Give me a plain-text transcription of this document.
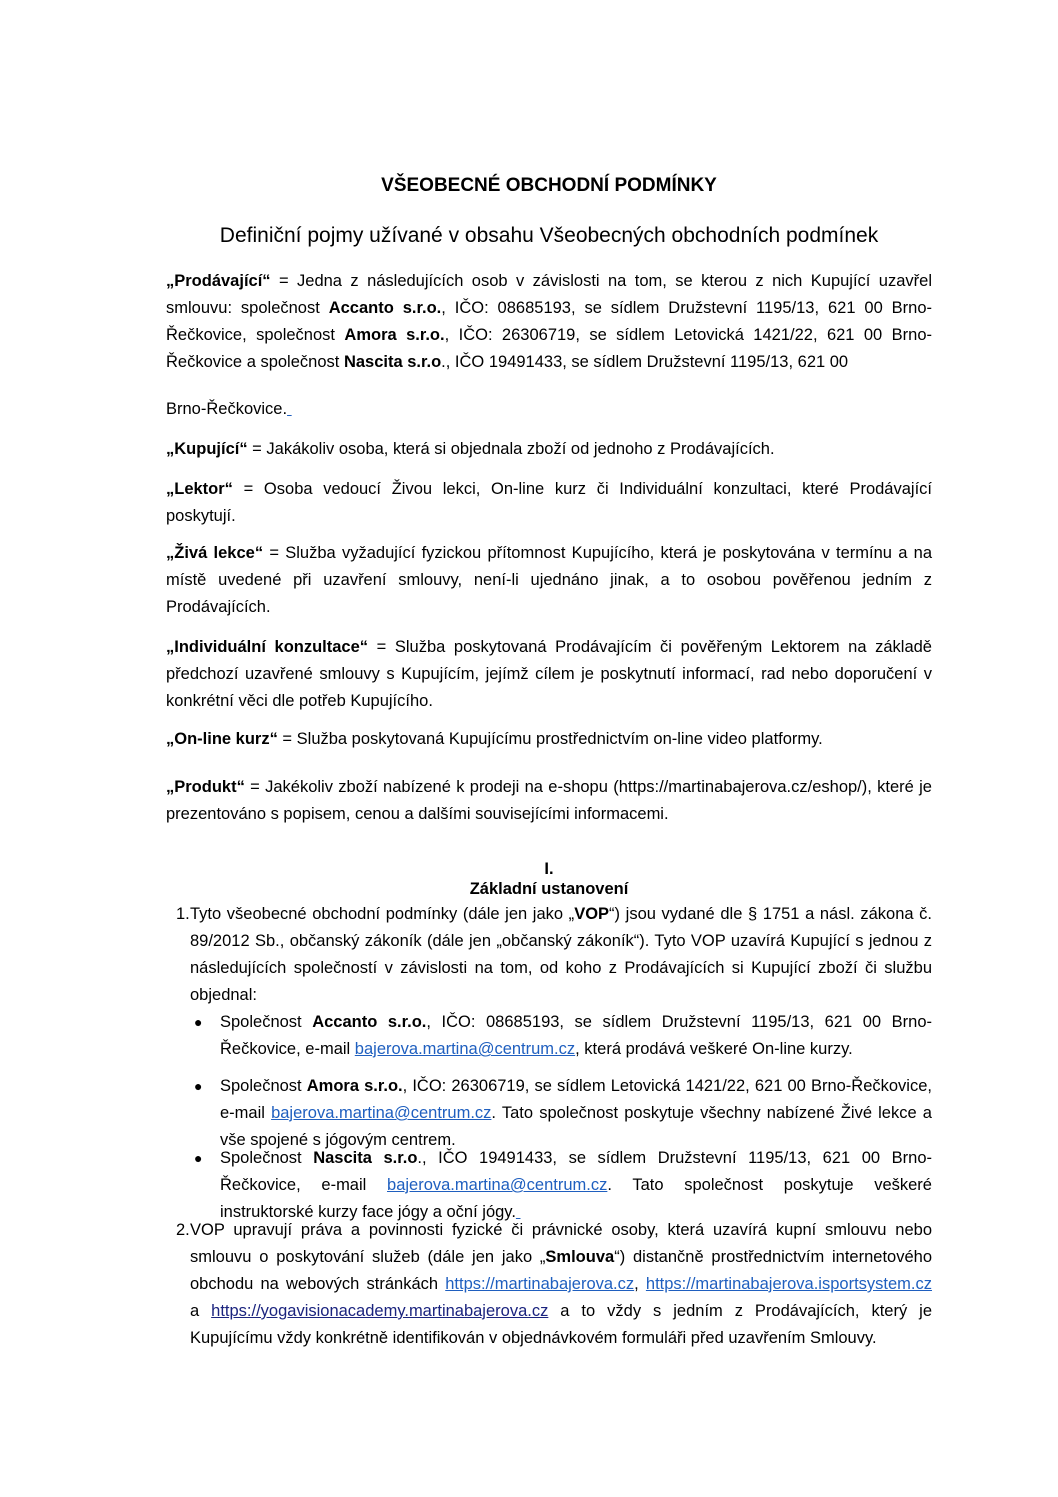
VŠEOBECNÉ OBCHODNÍ PODMÍNKY
Definiční pojmy užívané v obsahu Všeobecných obchodních podmínek
„Prodávající“ = Jedna z následujících osob v závislosti na tom, se kterou z nich Kupující uzavřel smlouvu: společnost Accanto s.r.o., IČO: 08685193, se sídlem Družstevní 1195/13, 621 00 Brno-Řečkovice, společnost Amora s.r.o., IČO: 26306719, se sídlem Letovická 1421/22, 621 00 Brno-Řečkovice a společnost Nascita s.r.o., IČO 19491433, se sídlem Družstevní 1195/13, 621 00
Brno-Řečkovice.
„Kupující“ = Jakákoliv osoba, která si objednala zboží od jednoho z Prodávajících.
„Lektor“ = Osoba vedoucí Živou lekci, On-line kurz či Individuální konzultaci, které Prodávající poskytují.
„Živá lekce“ = Služba vyžadující fyzickou přítomnost Kupujícího, která je poskytována v termínu a na místě uvedené při uzavření smlouvy, není-li ujednáno jinak, a to osobou pověřenou jedním z Prodávajících.
„Individuální konzultace“ = Služba poskytovaná Prodávajícím či pověřeným Lektorem na základě předchozí uzavřené smlouvy s Kupujícím, jejímž cílem je poskytnutí informací, rad nebo doporučení v konkrétní věci dle potřeb Kupujícího.
„On-line kurz“ = Služba poskytovaná Kupujícímu prostřednictvím on-line video platformy.
„Produkt“ = Jakékoliv zboží nabízené k prodeji na e-shopu (https://martinabajerova.cz/eshop/), které je prezentováno s popisem, cenou a dalšími souvisejícími informacemi.
I.
Základní ustanovení
1. Tyto všeobecné obchodní podmínky (dále jen jako „VOP“) jsou vydané dle § 1751 a násl. zákona č. 89/2012 Sb., občanský zákoník (dále jen „občanský zákoník“). Tyto VOP uzavírá Kupující s jednou z následujících společností v závislosti na tom, od koho z Prodávajících si Kupující zboží či službu objednal:
● Společnost Accanto s.r.o., IČO: 08685193, se sídlem Družstevní 1195/13, 621 00 Brno-Řečkovice, e-mail bajerova.martina@centrum.cz, která prodává veškeré On-line kurzy.
● Společnost Amora s.r.o., IČO: 26306719, se sídlem Letovická 1421/22, 621 00 Brno-Řečkovice, e-mail bajerova.martina@centrum.cz. Tato společnost poskytuje všechny nabízené Živé lekce a vše spojené s jógovým centrem.
● Společnost Nascita s.r.o., IČO 19491433, se sídlem Družstevní 1195/13, 621 00 Brno-Řečkovice, e-mail bajerova.martina@centrum.cz. Tato společnost poskytuje veškeré instruktorské kurzy face jógy a oční jógy.
2. VOP upravují práva a povinnosti fyzické či právnické osoby, která uzavírá kupní smlouvu nebo smlouvu o poskytování služeb (dále jen jako „Smlouva“) distančně prostřednictvím internetového obchodu na webových stránkách https://martinabajerova.cz, https://martinabajerova.isportsystem.cz a https://yogavisionacademy.martinabajerova.cz a to vždy s jedním z Prodávajících, který je Kupujícímu vždy konkrétně identifikován v objednávkovém formuláři před uzavřením Smlouvy.
